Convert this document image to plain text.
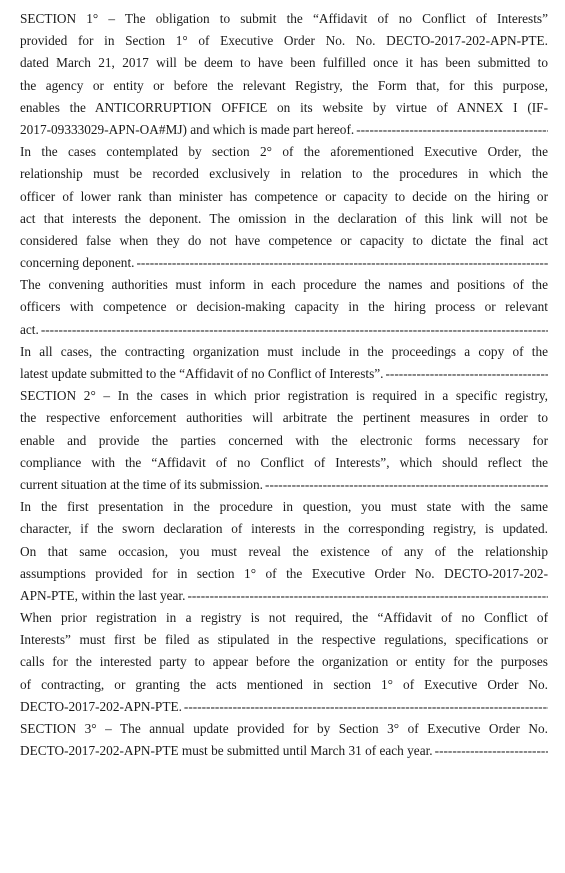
SECTION 1° – The obligation to submit the “Affidavit of no Conflict of Interests”
provided for in Section 1° of Executive Order No. No. DECTO-2017-202-APN-PTE.
dated March 21, 2017 will be deem to have been fulfilled once it has been submitted to
the agency or entity or before the relevant Registry, the Form that, for this purpose,
enables the ANTICORRUPTION OFFICE on its website by virtue of ANNEX I (IF-
2017-09333029-APN-OA#MJ) and which is made part hereof.
-----
In the cases contemplated by section 2° of the aforementioned Executive Order, the
relationship must be recorded exclusively in relation to the procedures in which the
officer of lower rank than minister has competence or capacity to decide on the hiring or
act that interests the deponent. The omission in the declaration of this link will not be
considered false when they do not have competence or capacity to dictate the final act
concerning deponent.
-----
The convening authorities must inform in each procedure the names and positions of the
officers with competence or decision-making capacity in the hiring process or relevant
act.
-----
In all cases, the contracting organization must include in the proceedings a copy of the
latest update submitted to the “Affidavit of no Conflict of Interests”.
-----
SECTION 2° – In the cases in which prior registration is required in a specific registry,
the respective enforcement authorities will arbitrate the pertinent measures in order to
enable and provide the parties concerned with the electronic forms necessary for
compliance with the “Affidavit of no Conflict of Interests”, which should reflect the
current situation at the time of its submission.
-----
In the first presentation in the procedure in question, you must state with the same
character, if the sworn declaration of interests in the corresponding registry, is updated.
On that same occasion, you must reveal the existence of any of the relationship
assumptions provided for in section 1° of the Executive Order No. DECTO-2017-202-
APN-PTE, within the last year.
-----
When prior registration in a registry is not required, the “Affidavit of no Conflict of
Interests” must first be filed as stipulated in the respective regulations, specifications or
calls for the interested party to appear before the organization or entity for the purposes
of contracting, or granting the acts mentioned in section 1° of Executive Order No.
DECTO-2017-202-APN-PTE.
-----
SECTION 3° – The annual update provided for by Section 3° of Executive Order No.
DECTO-2017-202-APN-PTE must be submitted until March 31 of each year.
-----
